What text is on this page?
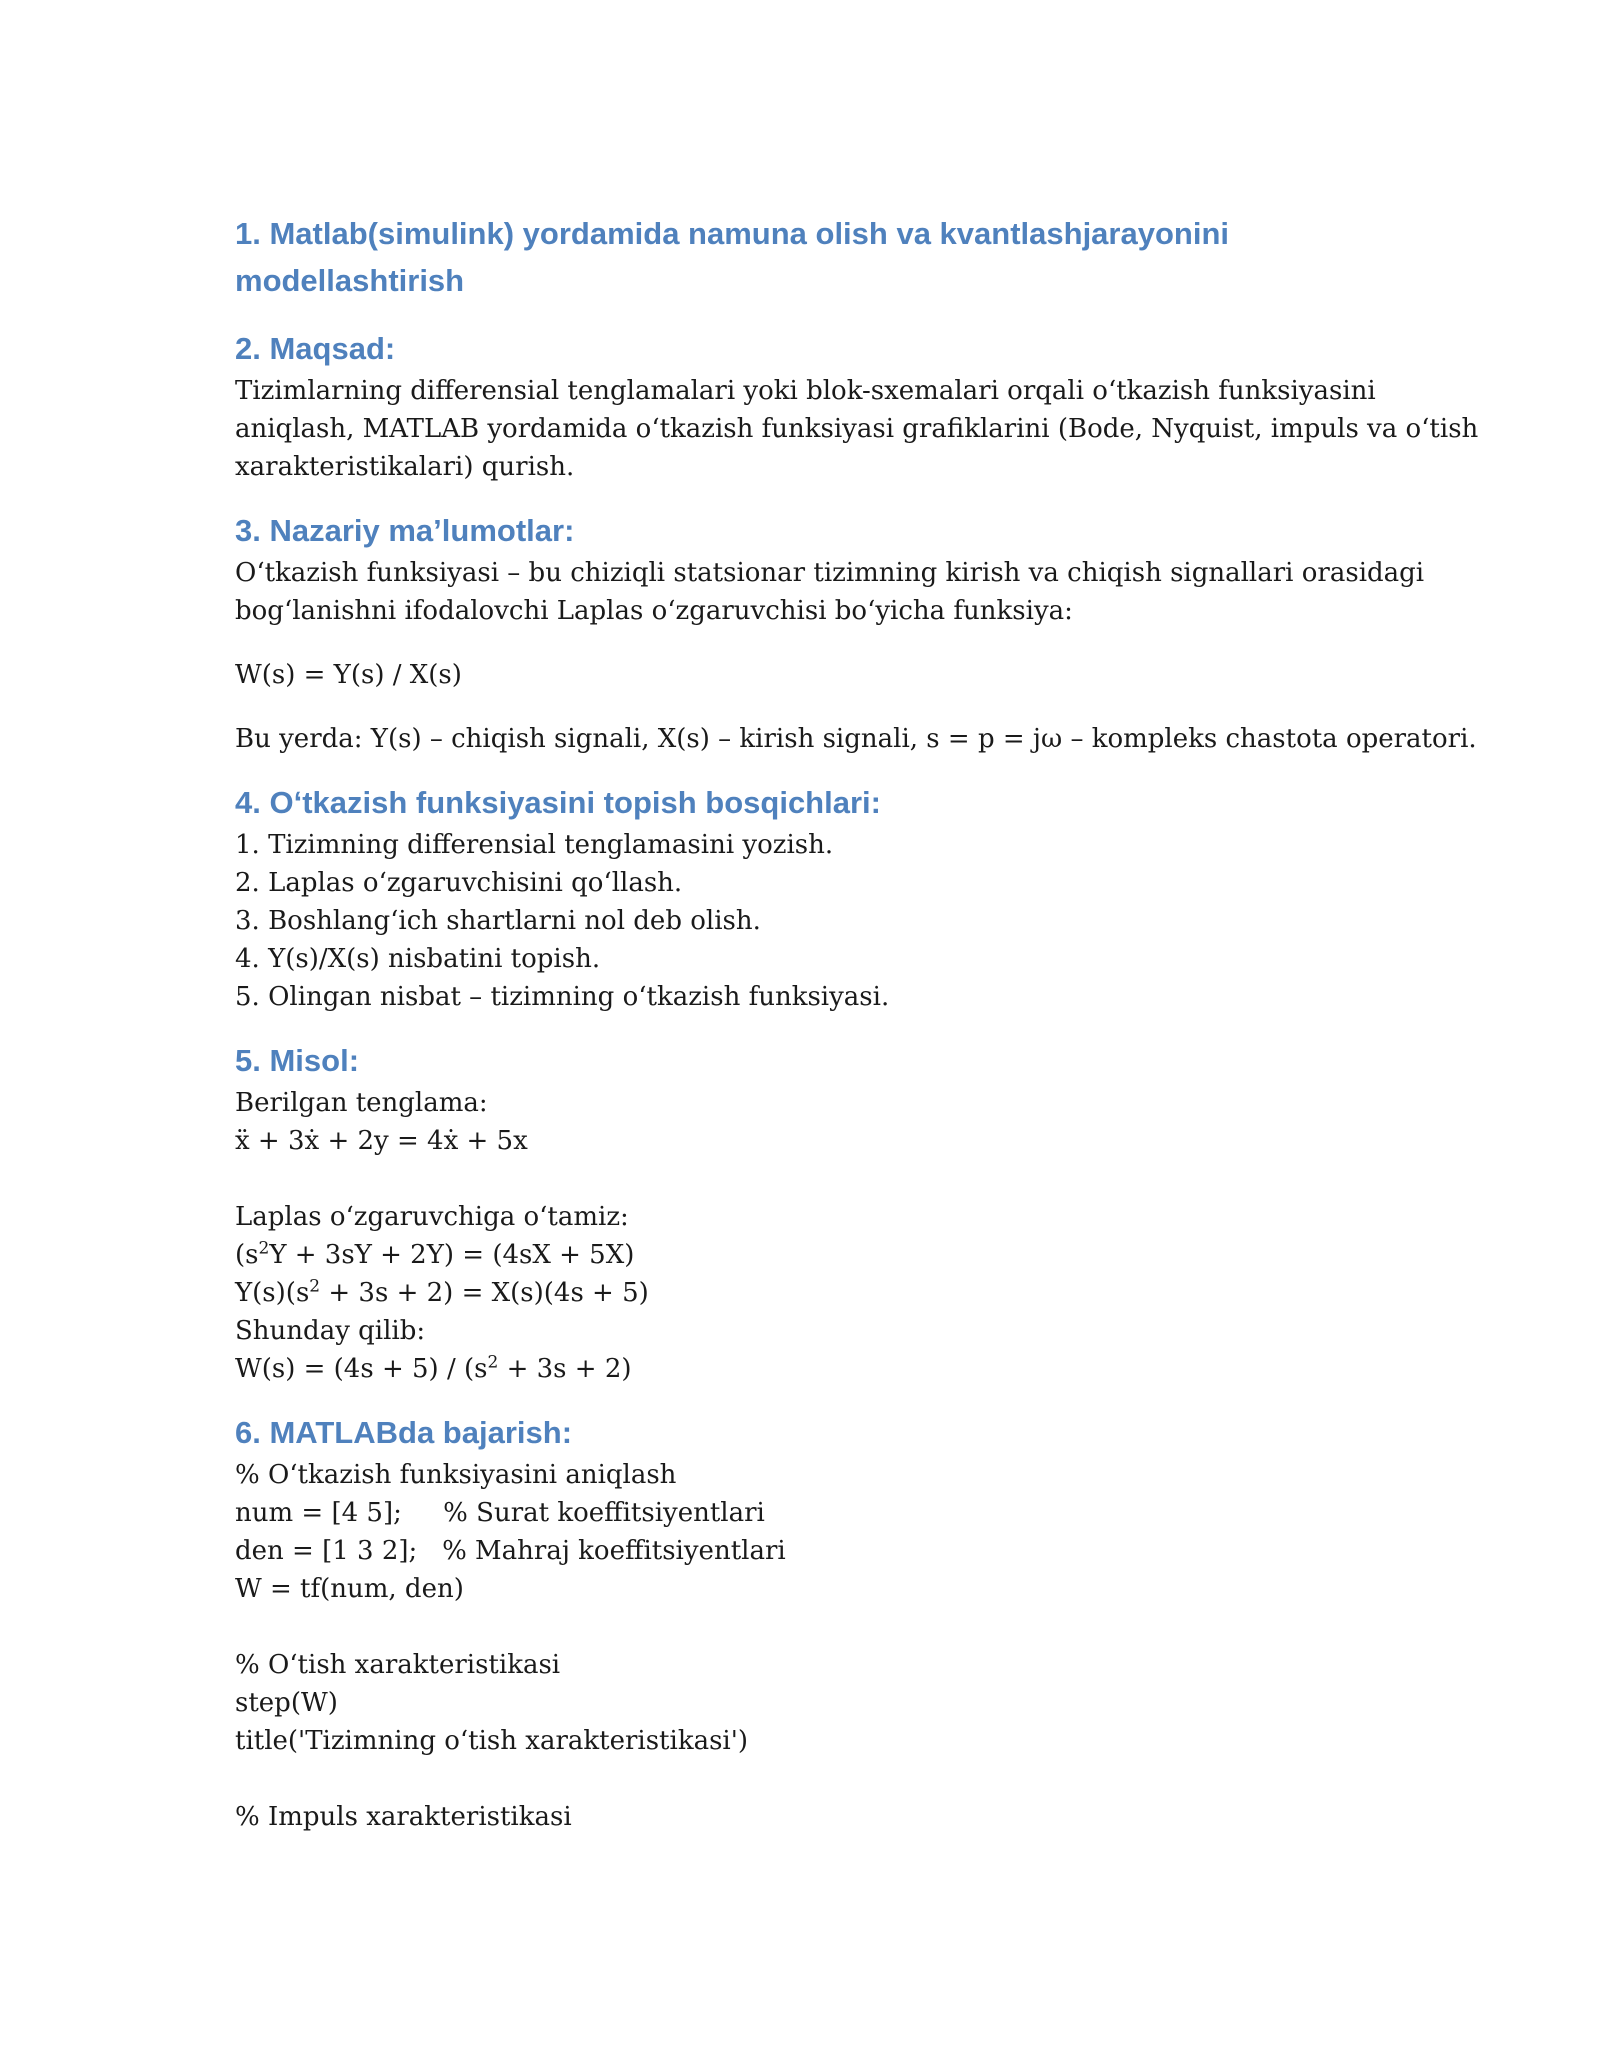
1. Matlab(simulink) yordamida namuna olish va kvantlashjarayonini
modellashtirish
2. Maqsad:
Tizimlarning differensial tenglamalari yoki blok-sxemalari orqali oʻtkazish funksiyasini
aniqlash, MATLAB yordamida oʻtkazish funksiyasi grafiklarini (Bode, Nyquist, impuls va oʻtish
xarakteristikalari) qurish.
3. Nazariy ma’lumotlar:
Oʻtkazish funksiyasi – bu chiziqli statsionar tizimning kirish va chiqish signallari orasidagi
bogʻlanishni ifodalovchi Laplas oʻzgaruvchisi boʻyicha funksiya:
W(s) = Y(s) / X(s)
Bu yerda: Y(s) – chiqish signali, X(s) – kirish signali, s = p = jω – kompleks chastota operatori.
4. Oʻtkazish funksiyasini topish bosqichlari:
1. Tizimning differensial tenglamasini yozish.
2. Laplas oʻzgaruvchisini qoʻllash.
3. Boshlangʻich shartlarni nol deb olish.
4. Y(s)/X(s) nisbatini topish.
5. Olingan nisbat – tizimning oʻtkazish funksiyasi.
5. Misol:
Berilgan tenglama:
ẍ + 3ẋ + 2y = 4ẋ + 5x
Laplas oʻzgaruvchiga oʻtamiz:
$(s^2Y + 3sY + 2Y) = (4sX + 5X)$
$Y(s)(s^2 + 3s + 2) = X(s)(4s + 5)$
Shunday qilib:
$W(s) = (4s + 5) / (s^2 + 3s + 2)$
6. MATLABda bajarish:
% Oʻtkazish funksiyasini aniqlash
num = [4 5];     % Surat koeffitsiyentlari
den = [1 3 2];   % Mahraj koeffitsiyentlari
W = tf(num, den)
% Oʻtish xarakteristikasi
step(W)
title('Tizimning oʻtish xarakteristikasi')
% Impuls xarakteristikasi
